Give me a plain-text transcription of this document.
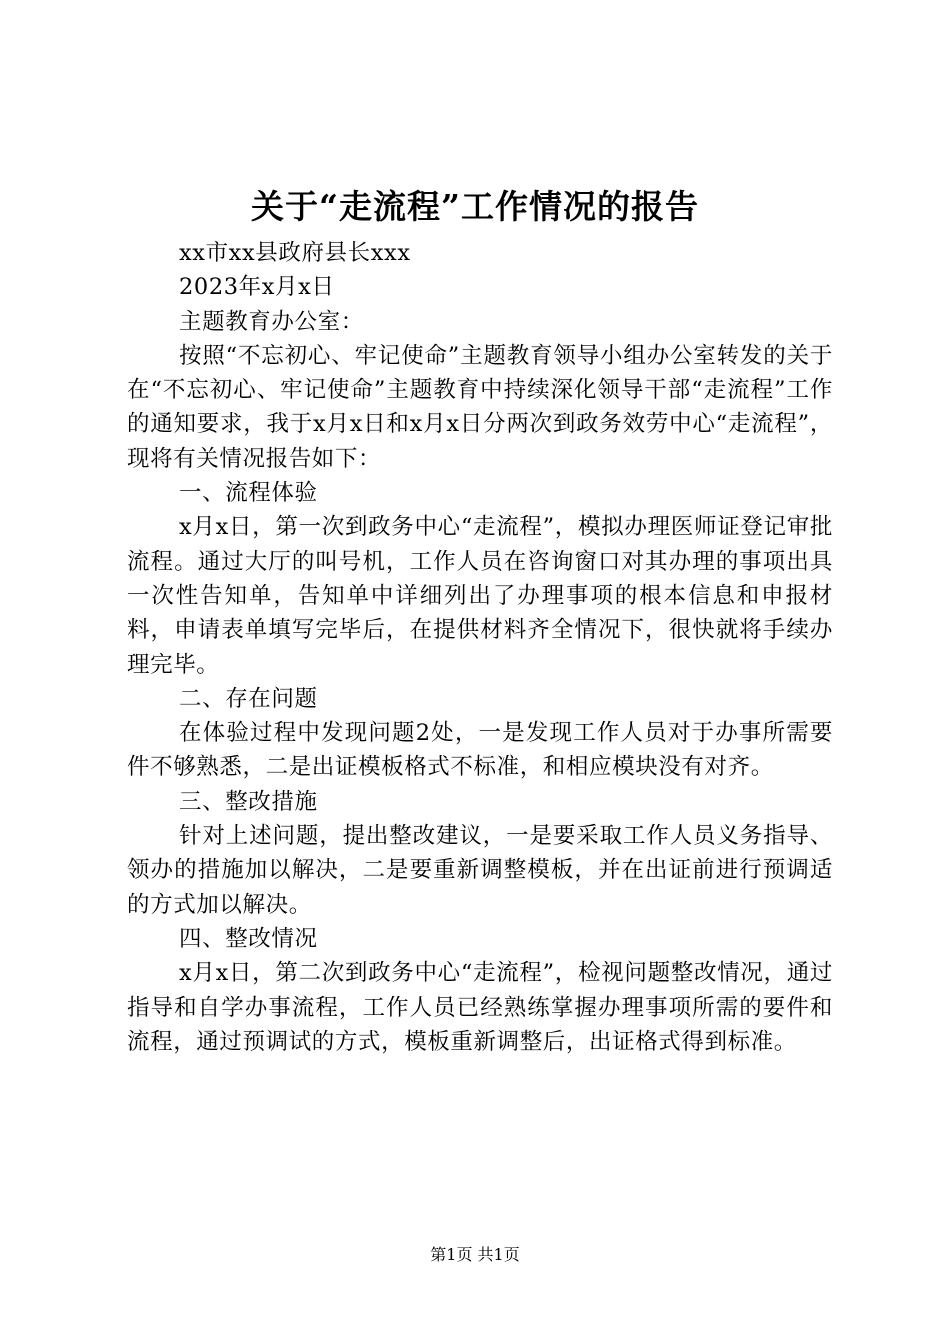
关于“走流程”工作情况的报告

xx市xx县政府县长xxx

2023年x月x日

主题教育办公室：

按照“不忘初心、牢记使命”主题教育领导小组办公室转发的关于在“不忘初心、牢记使命”主题教育中持续深化领导干部“走流程”工作的通知要求，我于x月x日和x月x日分两次到政务效劳中心“走流程”，现将有关情况报告如下：

一、流程体验

x月x日，第一次到政务中心“走流程”，模拟办理医师证登记审批流程。通过大厅的叫号机，工作人员在咨询窗口对其办理的事项出具一次性告知单，告知单中详细列出了办理事项的根本信息和申报材料，申请表单填写完毕后，在提供材料齐全情况下，很快就将手续办理完毕。

二、存在问题

在体验过程中发现问题2处，一是发现工作人员对于办事所需要件不够熟悉，二是出证模板格式不标准，和相应模块没有对齐。

三、整改措施

针对上述问题，提出整改建议，一是要采取工作人员义务指导、领办的措施加以解决，二是要重新调整模板，并在出证前进行预调适的方式加以解决。

四、整改情况

x月x日，第二次到政务中心“走流程”，检视问题整改情况，通过指导和自学办事流程，工作人员已经熟练掌握办理事项所需的要件和流程，通过预调试的方式，模板重新调整后，出证格式得到标准。

第1页 共1页
